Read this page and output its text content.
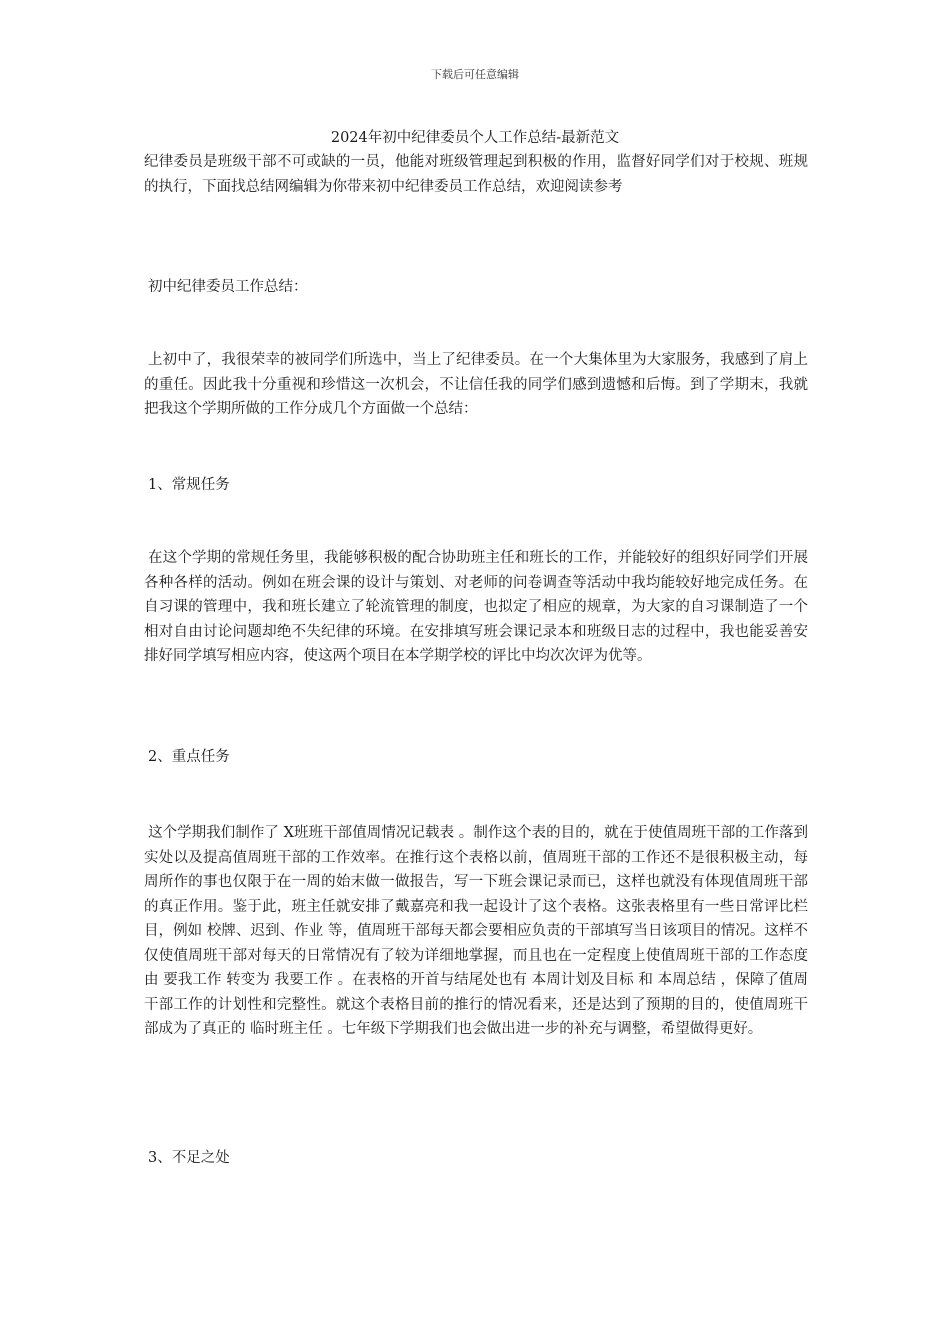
下载后可任意编辑
2024年初中纪律委员个人工作总结-最新范文

纪律委员是班级干部不可或缺的一员，他能对班级管理起到积极的作用，监督好同学们对于校规、班规的执行，下面找总结网编辑为你带来初中纪律委员工作总结，欢迎阅读参考

初中纪律委员工作总结：

上初中了，我很荣幸的被同学们所选中，当上了纪律委员。在一个大集体里为大家服务，我感到了肩上的重任。因此我十分重视和珍惜这一次机会，不让信任我的同学们感到遗憾和后悔。到了学期末，我就把我这个学期所做的工作分成几个方面做一个总结：

1、常规任务

在这个学期的常规任务里，我能够积极的配合协助班主任和班长的工作，并能较好的组织好同学们开展各种各样的活动。例如在班会课的设计与策划、对老师的问卷调查等活动中我均能较好地完成任务。在自习课的管理中，我和班长建立了轮流管理的制度，也拟定了相应的规章，为大家的自习课制造了一个相对自由讨论问题却绝不失纪律的环境。在安排填写班会课记录本和班级日志的过程中，我也能妥善安排好同学填写相应内容，使这两个项目在本学期学校的评比中均次次评为优等。

2、重点任务

这个学期我们制作了 X班班干部值周情况记载表 。制作这个表的目的，就在于使值周班干部的工作落到实处以及提高值周班干部的工作效率。在推行这个表格以前，值周班干部的工作还不是很积极主动，每周所作的事也仅限于在一周的始末做一做报告，写一下班会课记录而已，这样也就没有体现值周班干部的真正作用。鉴于此，班主任就安排了戴嘉亮和我一起设计了这个表格。这张表格里有一些日常评比栏目，例如 校牌、迟到、作业 等，值周班干部每天都会要相应负责的干部填写当日该项目的情况。这样不仅使值周班干部对每天的日常情况有了较为详细地掌握，而且也在一定程度上使值周班干部的工作态度由 要我工作 转变为 我要工作 。在表格的开首与结尾处也有 本周计划及目标 和 本周总结 ，保障了值周干部工作的计划性和完整性。就这个表格目前的推行的情况看来，还是达到了预期的目的，使值周班干部成为了真正的 临时班主任 。七年级下学期我们也会做出进一步的补充与调整，希望做得更好。

3、不足之处
